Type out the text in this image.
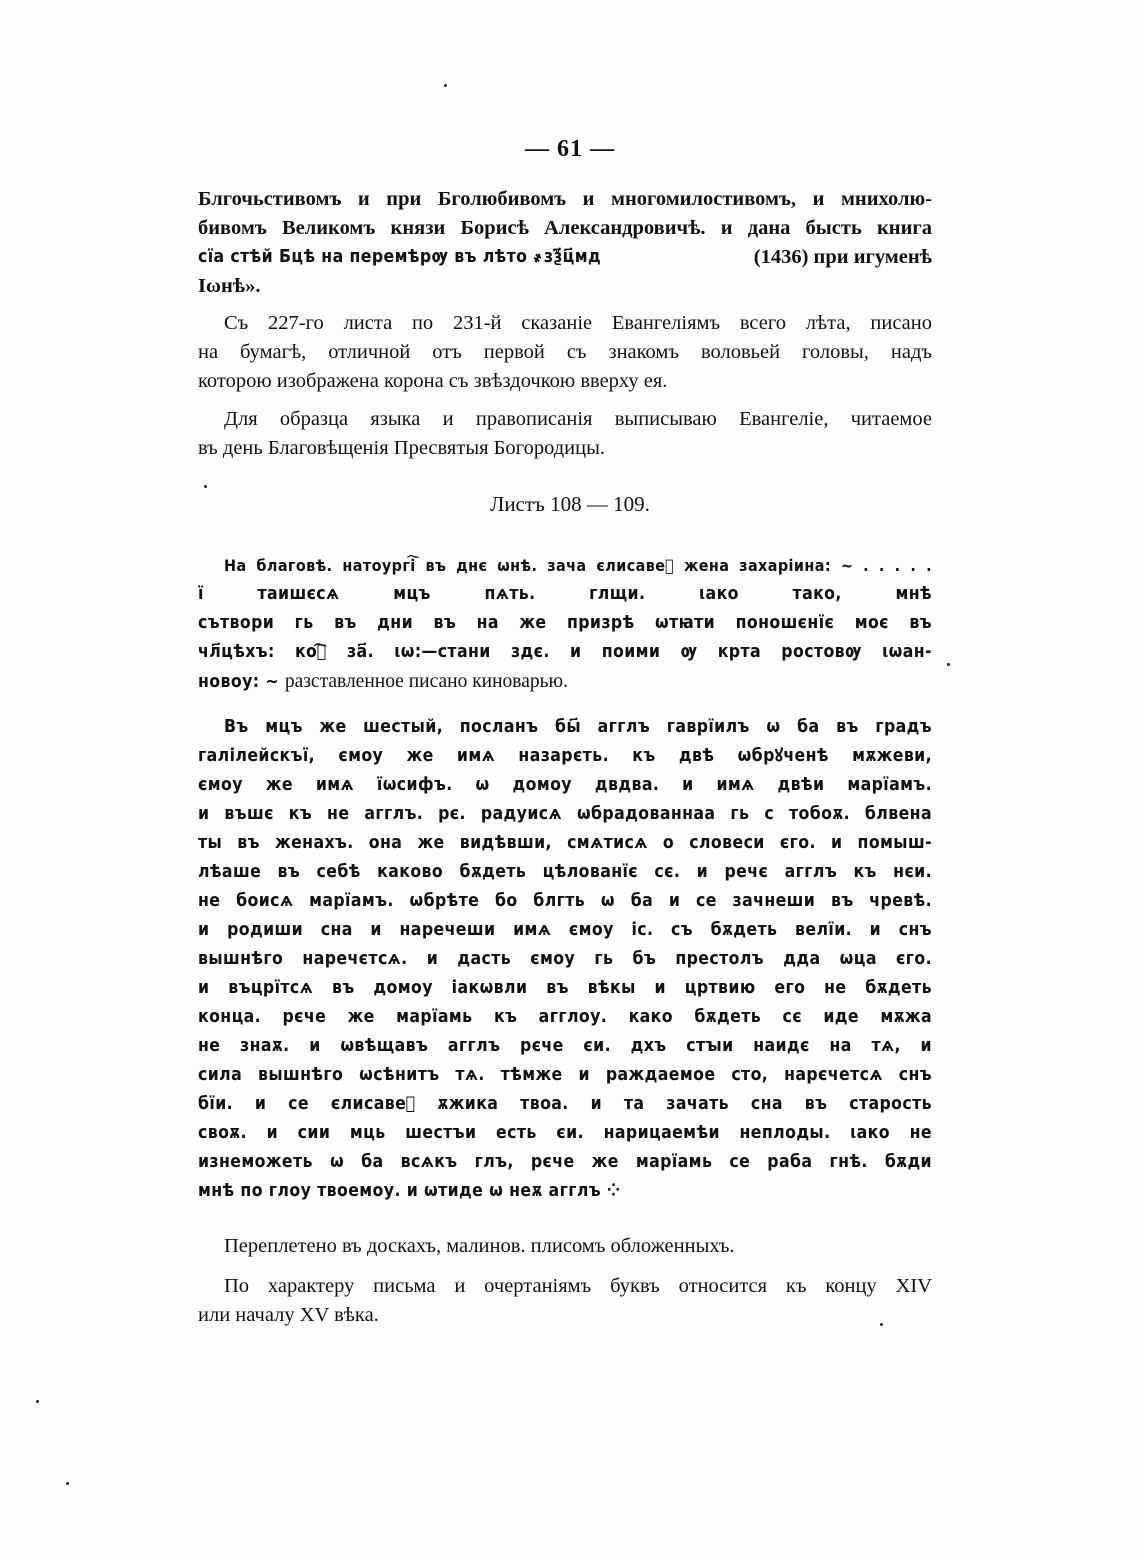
— 61 —
Блгочьстивомъ и при Бголюбивомъ и многомилостивомъ, и мнихолю-
бивомъ Великомъ князи Борисѣ Александровичѣ. и дана бысть книга
сїа стѣй Бцѣ на перемѣрѹ въ лѣто ҂зѯ҃ц҃мд	(1436) при игуменѣ
Іωнѣ».
Съ 227-го листа по 231-й сказаніе Евангеліямъ всего лѣта, писано
на бумагѣ, отличной отъ первой съ знакомъ воловьей головы, надъ
которою изображена корона съ звѣздочкою вверху ея.
Для образца языка и правописанія выписываю Евангеліе, читаемое
въ день Благовѣщенія Пресвятыя Богородицы.
Листъ 108 — 109.
На благовѣ. натоургі҇ въ днє ωнѣ. зача єлисавеⷮ жена захаріина: ~ . . . . .
ї таишєсѧ мцъ пѧть. глщи. ιако тако, мнѣ
сътвори гь въ дни въ на же призрѣ ωтꙗти поношєнїє моє въ
чл҃цѣхъ: коⷩ҇ за҃. ιω:—стани здє. и поими ѹ крта ростовѹ ιωан-
новоу: ~ разставленное писано киноварью.
Въ мцъ же шестый, посланъ бы҃ агглъ гаврїилъ ω ба въ градъ
галілейскъї, ємоу же имѧ назарєть. къ двѣ ωбрꙋченѣ мѫжеви,
ємоу же имѧ їωсифъ. ω домоу двдва. и имѧ двѣи марїамъ.
и въшє къ не агглъ. рє. радуисѧ ωбрадованнаа гь с тобоѫ. блвена
ты въ женахъ. она же видѣвши, смѧтисѧ о словеси єго. и помыш-
лѣаше въ себѣ каково бѫдеть цѣлованїє сє. и речє агглъ къ нєи.
не боисѧ марїамъ. ωбрѣте бо блгть ω ба и се зачнеши въ чревѣ.
и родиши сна и наречеши имѧ ємоу іс. съ бѫдеть велїи. и снъ
вышнѣго наречєтсѧ. и дасть ємоу гь бъ престолъ дда ωца єго.
и въцрїтсѧ въ домоу іакωвли въ вѣкы и цртвию его не бѫдеть
конца. рєче же марїамь къ агглоу. како бѫдеть сє иде мѫжа
не знаѫ. и ωвѣщавъ агглъ рєче єи. дхъ стꙑи наидє на тѧ, и
сила вышнѣго ωсѣнитъ тѧ. тѣмже и раждаемое сто, нарєчетсѧ снъ
бїи. и се єлисавеⷮ ѫжика твоа. и та зачать сна въ старость
своѫ. и сии мць шестъи есть єи. нарицаемѣи неплоды. ιако не
изнеможеть ω ба всѧкъ глъ, рєче же марїамь се раба гнѣ. бѫди
мнѣ по глоу твоемоу. и ωтиде ω неѫ агглъ ⁘
Переплетено въ доскахъ, малинов. плисомъ обложенныхъ.
По характеру письма и очертаніямъ буквъ относится къ концу XIV
или началу XV вѣка.
